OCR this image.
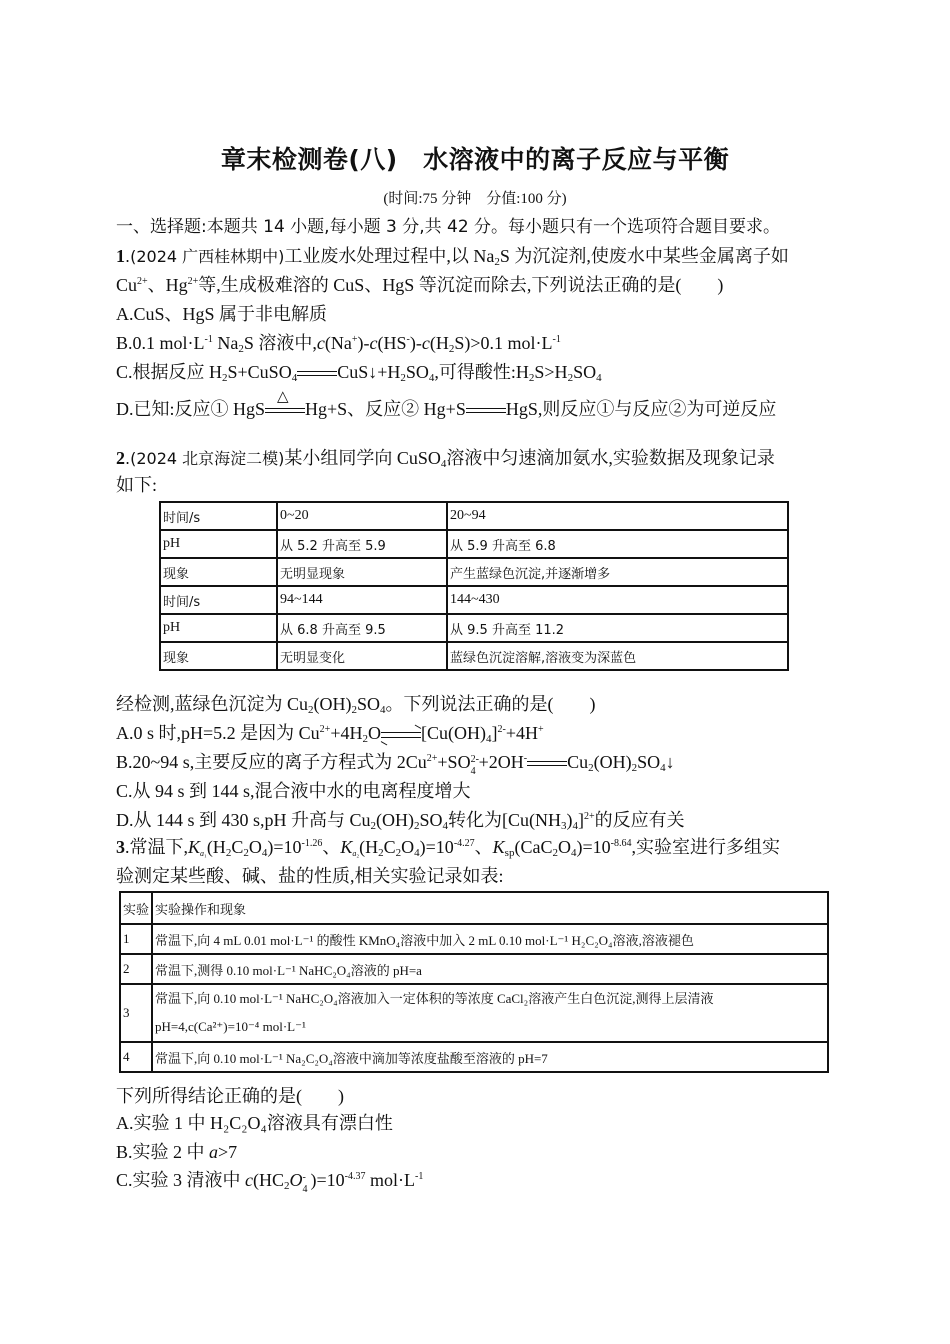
章末检测卷(八)　水溶液中的离子反应与平衡
(时间:75 分钟　分值:100 分)
一、选择题:本题共 14 小题,每小题 3 分,共 42 分。每小题只有一个选项符合题目要求。
1.(2024 广西桂林期中)工业废水处理过程中,以 $Na_2S$ 为沉淀剂,使废水中某些金属离子如
$Cu^{2+}$、$Hg^{2+}$等,生成极难溶的 CuS、HgS 等沉淀而除去,下列说法正确的是(　　)
A.CuS、HgS 属于非电解质
B.0.1 $mol\cdot L^{-1}$ $Na_2S$ 溶液中$,c(Na^+)-c(HS^-)-c(H_2S)>0.1$ $mol\cdot L^{-1}$
C.根据反应 $H_2S+CuSO_4$ $CuS↓+H_2SO_4$,可得酸性$:H_2S>H_2SO_4$
D.已知:反应① HgS
△
Hg+S、反应② Hg+S HgS,则反应①与反应②为可逆反应
2.(2024 北京海淀二模)某小组同学向 CuSO$_4$溶液中匀速滴加氨水,实验数据及现象记录
如下:
时间/s	0~20	20~94
pH	从 5.2 升高至 5.9	从 5.9 升高至 6.8
现象	无明显现象	产生蓝绿色沉淀,并逐渐增多
时间/s	94~144	144~430
pH	从 6.8 升高至 9.5	从 9.5 升高至 11.2
现象	无明显变化	蓝绿色沉淀溶解,溶液变为深蓝色
经检测,蓝绿色沉淀为 $Cu_2(OH)_2SO_4$。下列说法正确的是(　　)
A.0 s 时,pH=5.2 是因为 $Cu^{2+}+4H_2O\rightleftharpoons[Cu(OH)_4]^{2-}+4H^+$
B.20~94 s,主要反应的离子方程式为 $2Cu^{2+}+SO$ 2-
4 +2OH- $Cu_2(OH)_2SO_4↓$
C.从 94 s 到 144 s,混合液中水的电离程度增大
D.从 144 s 到 430 s,pH 升高与 $Cu_2(OH)_2SO_4$转化为$[Cu(NH_3)_4]^{2+}$的反应有关
3.常温下$,Ka_1(H_2C_2O_4)=10^{-1.26}$、$Ka_2(H_2C_2O_4)=10^{-4.27}$、$K_{sp}(CaC_2O_4)=10^{-8.64}$,实验室进行多组实
验测定某些酸、碱、盐的性质,相关实验记录如表:
实验	实验操作和现象
1	常温下,向 4 mL 0.01 mol·L⁻¹ 的酸性 KMnO₄溶液中加入 2 mL 0.10 mol·L⁻¹ H₂C₂O₄溶液,溶液褪色
2	常温下,测得 0.10 mol·L⁻¹ NaHC₂O₄溶液的 pH=a
3	常温下,向 0.10 mol·L⁻¹ NaHC₂O₄溶液加入一定体积的等浓度 CaCl₂溶液产生白色沉淀,测得上层清液
pH=4,c(Ca²⁺)=10⁻⁴ mol·L⁻¹

4	常温下,向 0.10 mol·L⁻¹ Na₂C₂O₄溶液中滴加等浓度盐酸至溶液的 pH=7
下列所得结论正确的是(　　)
A.实验 1 中 H₂C₂O₄溶液具有漂白性
B.实验 2 中 a>7
C.实验 3 清液中 $c(HC_2O$ -
4 )$=10^{-4.37}$ $mol\cdot L^{-1}$
